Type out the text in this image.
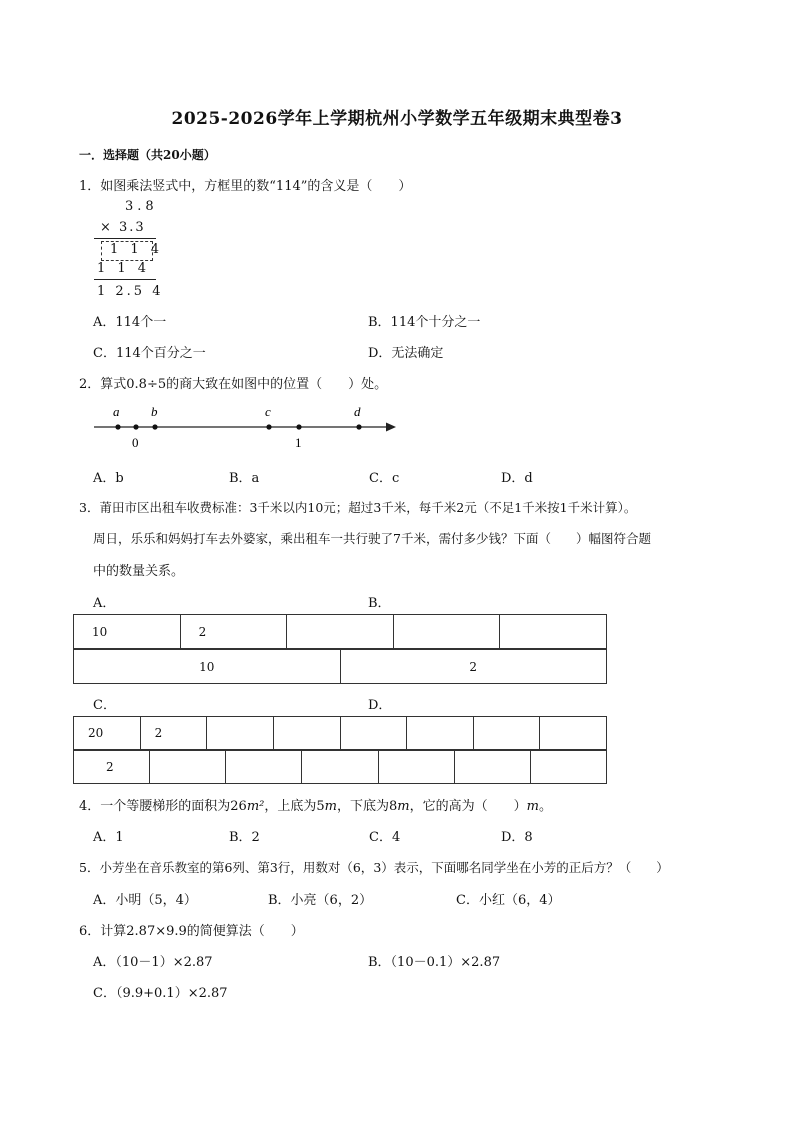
2025-2026学年上学期杭州小学数学五年级期末典型卷3
一．选择题（共20小题）
1．如图乘法竖式中，方框里的数“114”的含义是（　　）
3.8
× 3.3
1 1 4
1 1 4
1 2.5 4
A．114个一	B．114个十分之一
C．114个百分之一	D．无法确定
2．算式0.8÷5的商大致在如图中的位置（　　）处。
a b	c	d
0	1
A．b	B．a	C．c	D．d
3．莆田市区出租车收费标准：3千米以内10元；超过3千米，每千米2元（不足1千米按1千米计算）。
周日，乐乐和妈妈打车去外婆家，乘出租车一共行驶了7千米，需付多少钱？下面（　　）幅图符合题
中的数量关系。
A．	B．
10	2			
10	2
C．	D．
20	2						
2						
4．一个等腰梯形的面积为26m²，上底为5m，下底为8m，它的高为（　　）m。
A．1	B．2	C．4	D．8
5．小芳坐在音乐教室的第6列、第3行，用数对（6，3）表示，下面哪名同学坐在小芳的正后方？（　　）
A．小明（5，4）	B．小亮（6，2）	C．小红（6，4）
6．计算2.87×9.9的简便算法（　　）
A．（10－1）×2.87	B．（10－0.1）×2.87
C．（9.9+0.1）×2.87
